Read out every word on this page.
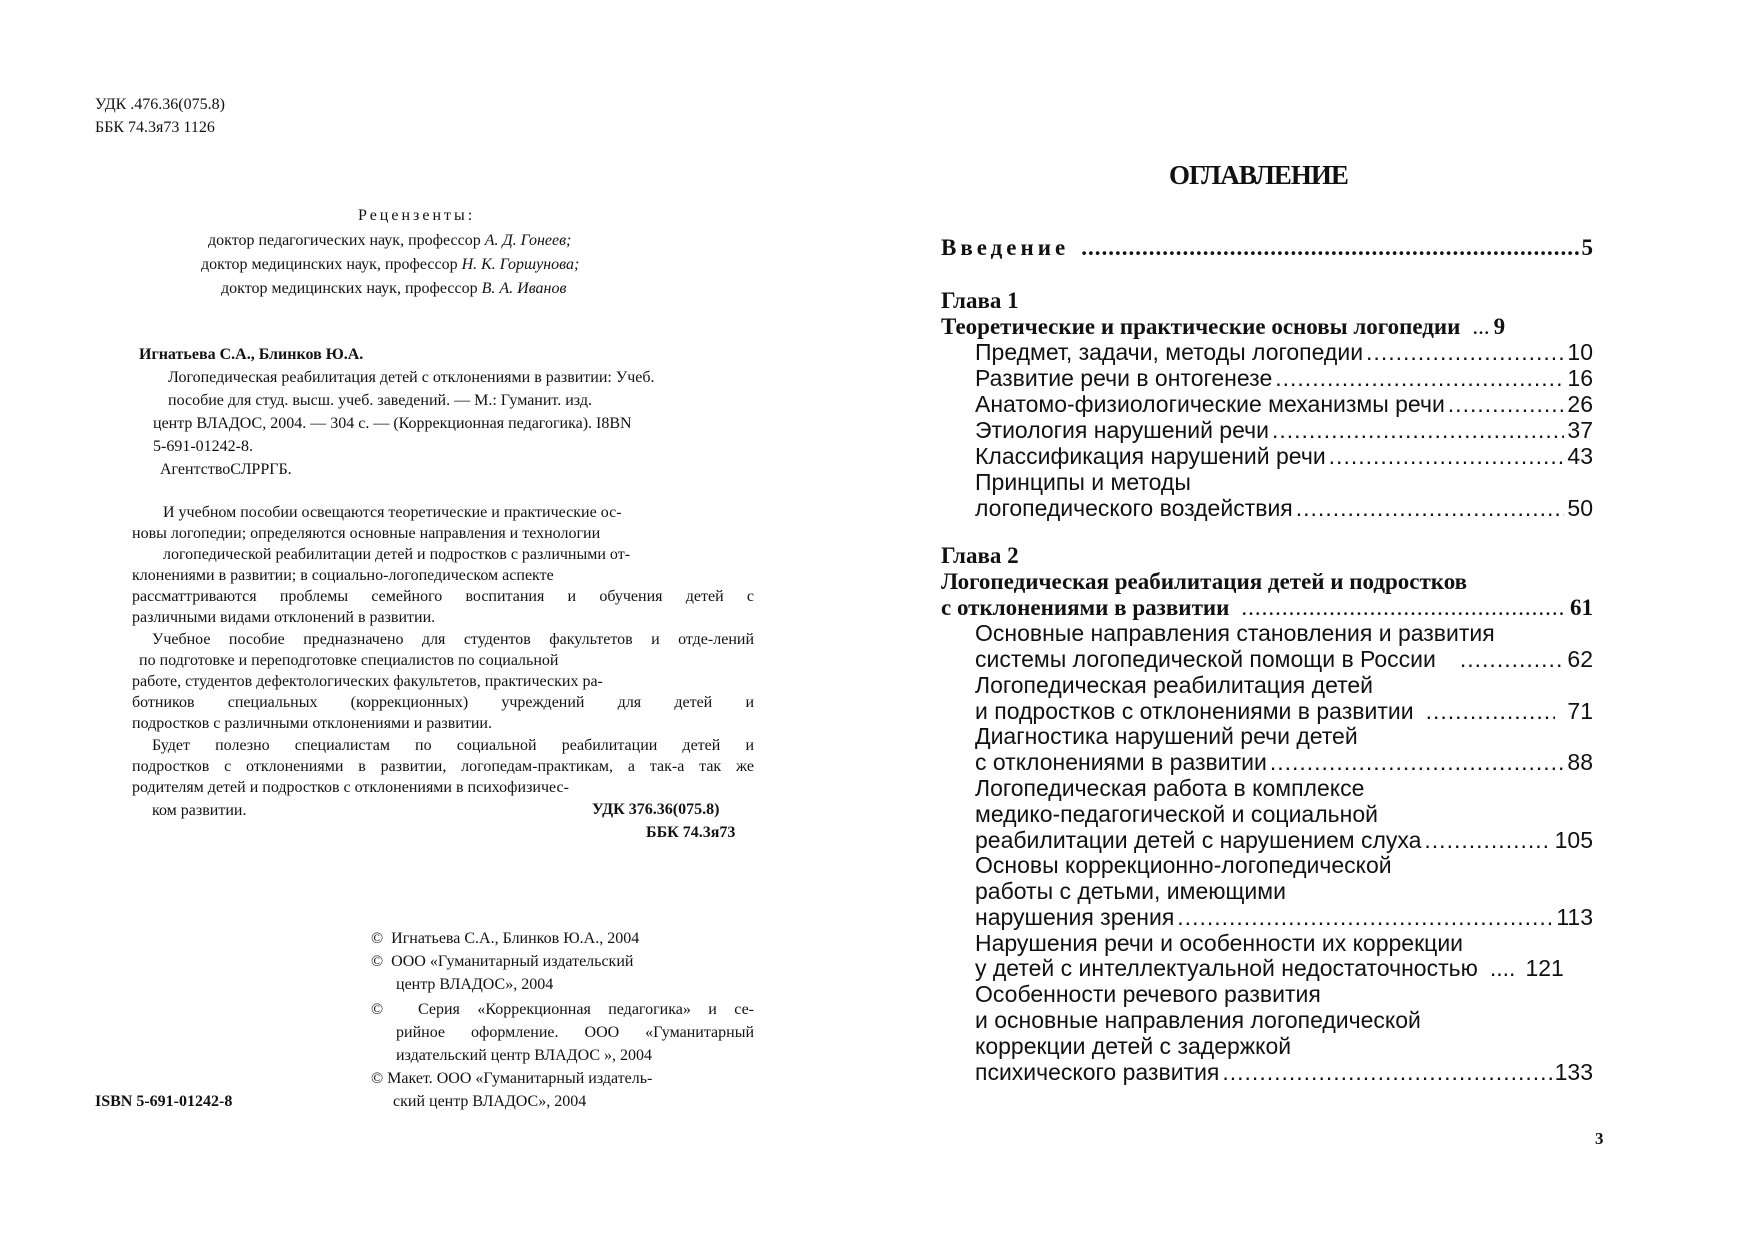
УДК .476.36(075.8)
ББК 74.3я73 1126
Рецензенты:
доктор педагогических наук, профессор А. Д. Гонеев;
доктор медицинских наук, профессор Н. К. Горшунова;
доктор медицинских наук, профессор В. А. Иванов
Игнатьева С.А., Блинков Ю.А.
Логопедическая реабилитация детей с отклонениями в развитии: Учеб.
пособие для студ. высш. учеб. заведений. — М.: Гуманит. изд.
центр ВЛАДОС, 2004. — 304 с. — (Коррекционная педагогика). I8BN
5-691-01242-8.
АгентствоСЛРРГБ.
И учебном пособии освещаются теоретические и практические ос-
новы логопедии; определяются основные направления и технологии
логопедической реабилитации детей и подростков с различными от-
клонениями в развитии; в социально-логопедическом аспекте
рассматтриваются проблемы семейного воспитания и обучения детей с
различными видами отклонений в развитии.
Учебное пособие предназначено для студентов факультетов и отде-лений
по подготовке и переподготовке специалистов по социальной
работе, студентов дефектологических факультетов, практических ра-
ботников специальных (коррекционных) учреждений для детей и
подростков с различными отклонениями и развитии.
Будет полезно специалистам по социальной реабилитации детей и
подростков с отклонениями в развитии, логопедам-практикам, а так-а так же
родителям детей и подростков с отклонениями в психофизичес-
ком развитии.	УДК 376.36(075.8)
ББК 74.3я73
© Игнатьева С.А., Блинков Ю.А., 2004
© ООО «Гуманитарный издательский
центр ВЛАДОС», 2004
© Серия «Коррекционная педагогика» и се-
рийное оформление. ООО «Гуманитарный
издательский центр ВЛАДОС », 2004
© Макет. ООО «Гуманитарный издатель-
ский центр ВЛАДОС», 2004
ISBN 5-691-01242-8
ОГЛАВЛЕНИЕ
Введение .....	5
Глава 1
Теоретические и практические основы логопедии ... 9
Предмет, задачи, методы логопедии .....	10
Развитие речи в онтогенезе .....	16
Анатомо-физиологические механизмы речи .....	26
Этиология нарушений речи .....	37
Классификация нарушений речи .....	43
Принципы и методы
логопедического воздействия .....	50
Глава 2
Логопедическая реабилитация детей и подростков
с отклонениями в развитии .....	61
Основные направления становления и развития
системы логопедической помощи в России .....	62
Логопедическая реабилитация детей
и подростков с отклонениями в развитии .....	71
Диагностика нарушений речи детей
с отклонениями в развитии .....	88
Логопедическая работа в комплексе
медико-педагогической и социальной
реабилитации детей с нарушением слуха .....	105
Основы коррекционно-логопедической
работы с детьми, имеющими
нарушения зрения .....	113
Нарушения речи и особенности их коррекции
у детей с интеллектуальной недостаточностью .... 121
Особенности речевого развития
и основные направления логопедической
коррекции детей с задержкой
психического развития .....	133
3
